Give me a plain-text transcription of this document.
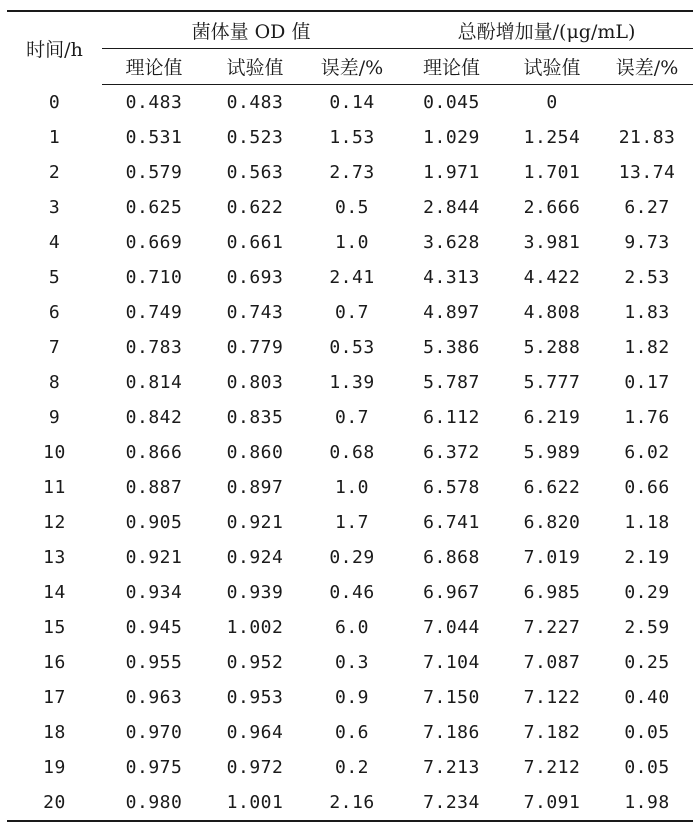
时间/h	菌体量 OD 值			总酚增加量/(μg/mL)		
	理论值	试验值	误差/%	理论值	试验值	误差/%
0	0.483	0.483	0.14	0.045	0	
1	0.531	0.523	1.53	1.029	1.254	21.83
2	0.579	0.563	2.73	1.971	1.701	13.74
3	0.625	0.622	0.5	2.844	2.666	6.27
4	0.669	0.661	1.0	3.628	3.981	9.73
5	0.710	0.693	2.41	4.313	4.422	2.53
6	0.749	0.743	0.7	4.897	4.808	1.83
7	0.783	0.779	0.53	5.386	5.288	1.82
8	0.814	0.803	1.39	5.787	5.777	0.17
9	0.842	0.835	0.7	6.112	6.219	1.76
10	0.866	0.860	0.68	6.372	5.989	6.02
11	0.887	0.897	1.0	6.578	6.622	0.66
12	0.905	0.921	1.7	6.741	6.820	1.18
13	0.921	0.924	0.29	6.868	7.019	2.19
14	0.934	0.939	0.46	6.967	6.985	0.29
15	0.945	1.002	6.0	7.044	7.227	2.59
16	0.955	0.952	0.3	7.104	7.087	0.25
17	0.963	0.953	0.9	7.150	7.122	0.40
18	0.970	0.964	0.6	7.186	7.182	0.05
19	0.975	0.972	0.2	7.213	7.212	0.05
20	0.980	1.001	2.16	7.234	7.091	1.98
